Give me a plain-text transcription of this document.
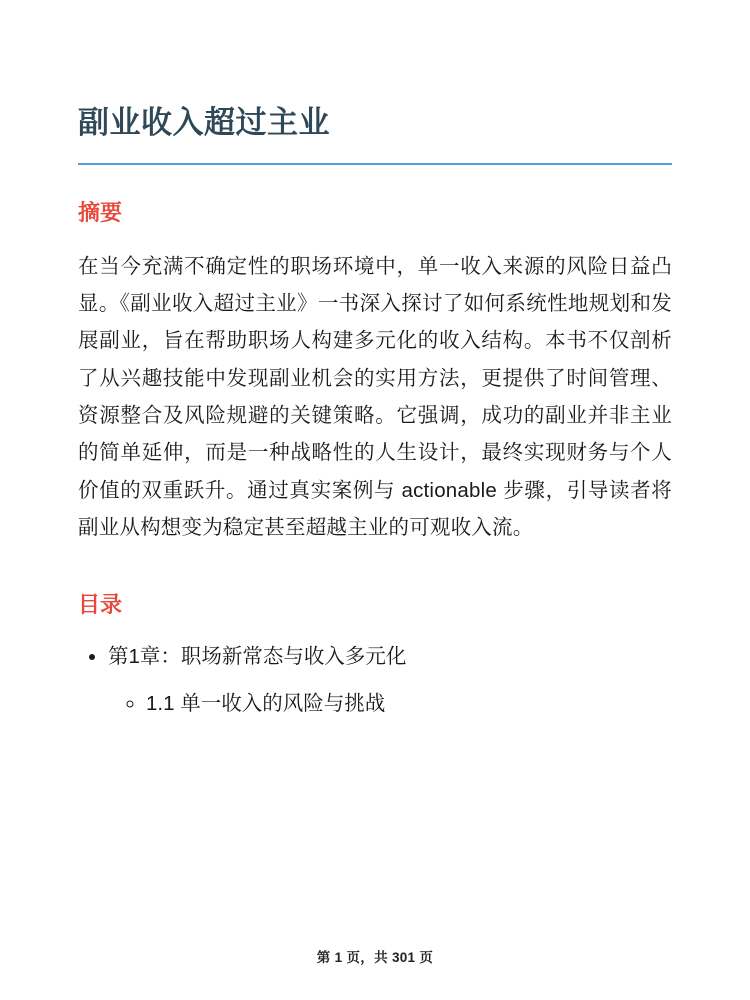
副业收入超过主业
摘要

在当今充满不确定性的职场环境中，单一收入来源的风险日益凸显。《副业收入超过主业》一书深入探讨了如何系统性地规划和发展副业，旨在帮助职场人构建多元化的收入结构。本书不仅剖析了从兴趣技能中发现副业机会的实用方法，更提供了时间管理、资源整合及风险规避的关键策略。它强调，成功的副业并非主业的简单延伸，而是一种战略性的人生设计，最终实现财务与个人价值的双重跃升。通过真实案例与 actionable 步骤，引导读者将副业从构想变为稳定甚至超越主业的可观收入流。

目录
• 第1章：职场新常态与收入多元化
◦ 1.1 单一收入的风险与挑战
第 1 页，共 301 页
